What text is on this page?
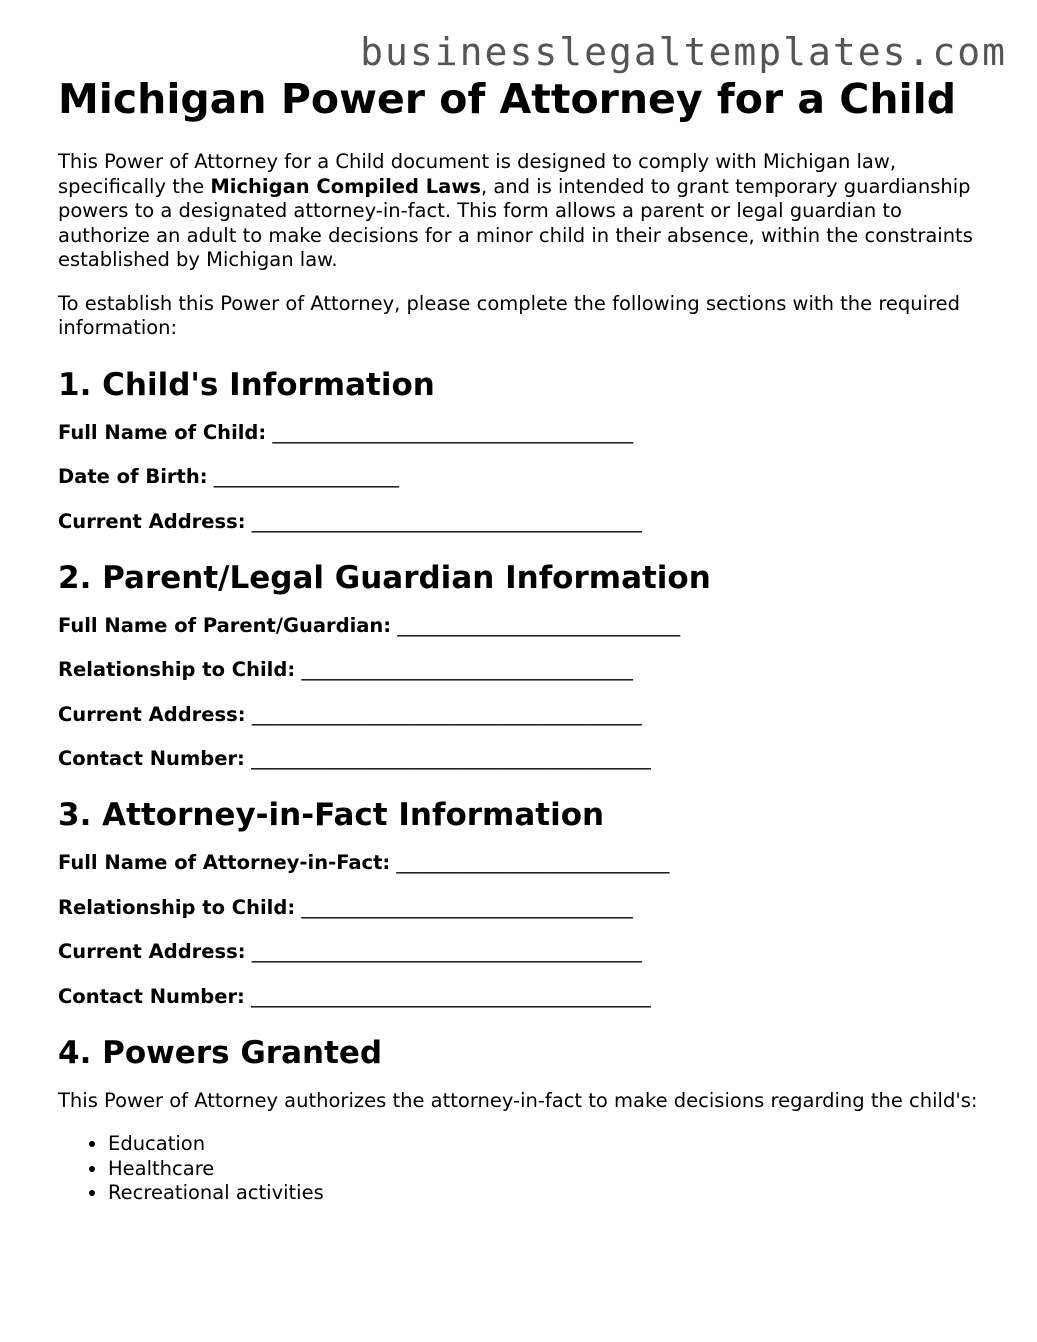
businesslegaltemplates.com
Michigan Power of Attorney for a Child

This Power of Attorney for a Child document is designed to comply with Michigan law, specifically the Michigan Compiled Laws, and is intended to grant temporary guardianship powers to a designated attorney-in-fact. This form allows a parent or legal guardian to authorize an adult to make decisions for a minor child in their absence, within the constraints established by Michigan law.

To establish this Power of Attorney, please complete the following sections with the required information:

1. Child's Information
Full Name of Child: _____________________________________
Date of Birth: ___________________
Current Address: ________________________________________
2. Parent/Legal Guardian Information
Full Name of Parent/Guardian: _____________________________
Relationship to Child: __________________________________
Current Address: ________________________________________
Contact Number: _________________________________________
3. Attorney-in-Fact Information
Full Name of Attorney-in-Fact: ____________________________
Relationship to Child: __________________________________
Current Address: ________________________________________
Contact Number: _________________________________________
4. Powers Granted

This Power of Attorney authorizes the attorney-in-fact to make decisions regarding the child's:

• Education
• Healthcare
• Recreational activities
